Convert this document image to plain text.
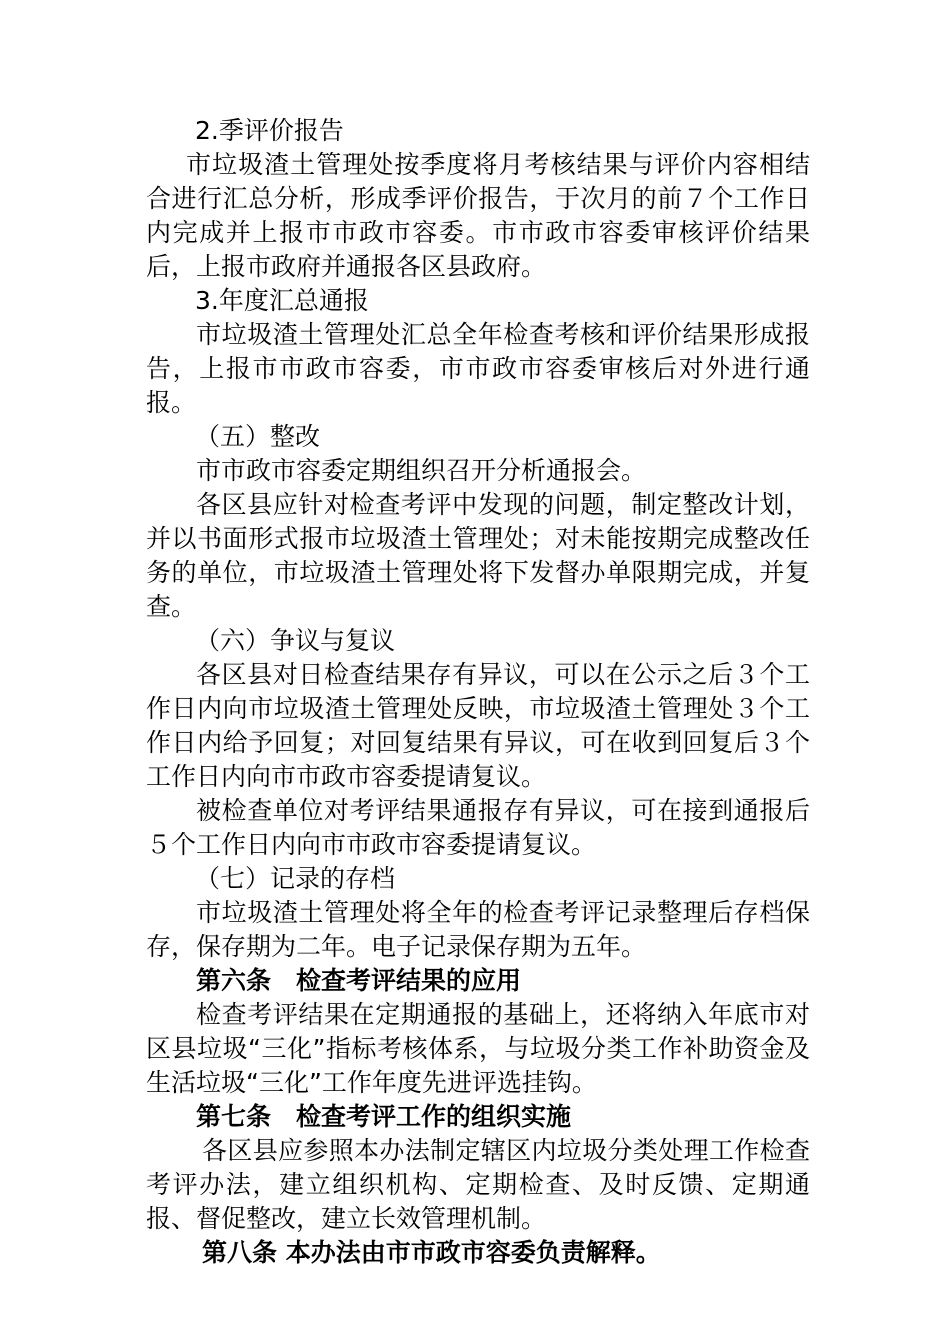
2.季评价报告

市垃圾渣土管理处按季度将月考核结果与评价内容相结合进行汇总分析，形成季评价报告，于次月的前７个工作日内完成并上报市市政市容委。市市政市容委审核评价结果后，上报市政府并通报各区县政府。

3.年度汇总通报

市垃圾渣土管理处汇总全年检查考核和评价结果形成报告，上报市市政市容委，市市政市容委审核后对外进行通报。

（五）整改

市市政市容委定期组织召开分析通报会。

各区县应针对检查考评中发现的问题，制定整改计划，并以书面形式报市垃圾渣土管理处；对未能按期完成整改任务的单位，市垃圾渣土管理处将下发督办单限期完成，并复查。

（六）争议与复议

各区县对日检查结果存有异议，可以在公示之后３个工作日内向市垃圾渣土管理处反映，市垃圾渣土管理处３个工作日内给予回复；对回复结果有异议，可在收到回复后３个工作日内向市市政市容委提请复议。

被检查单位对考评结果通报存有异议，可在接到通报后５个工作日内向市市政市容委提请复议。

（七）记录的存档

市垃圾渣土管理处将全年的检查考评记录整理后存档保存，保存期为二年。电子记录保存期为五年。

第六条　检查考评结果的应用

检查考评结果在定期通报的基础上，还将纳入年底市对区县垃圾“三化”指标考核体系，与垃圾分类工作补助资金及生活垃圾“三化”工作年度先进评选挂钩。

第七条　检查考评工作的组织实施

各区县应参照本办法制定辖区内垃圾分类处理工作检查考评办法，建立组织机构、定期检查、及时反馈、定期通报、督促整改，建立长效管理机制。

第八条 本办法由市市政市容委负责解释。
